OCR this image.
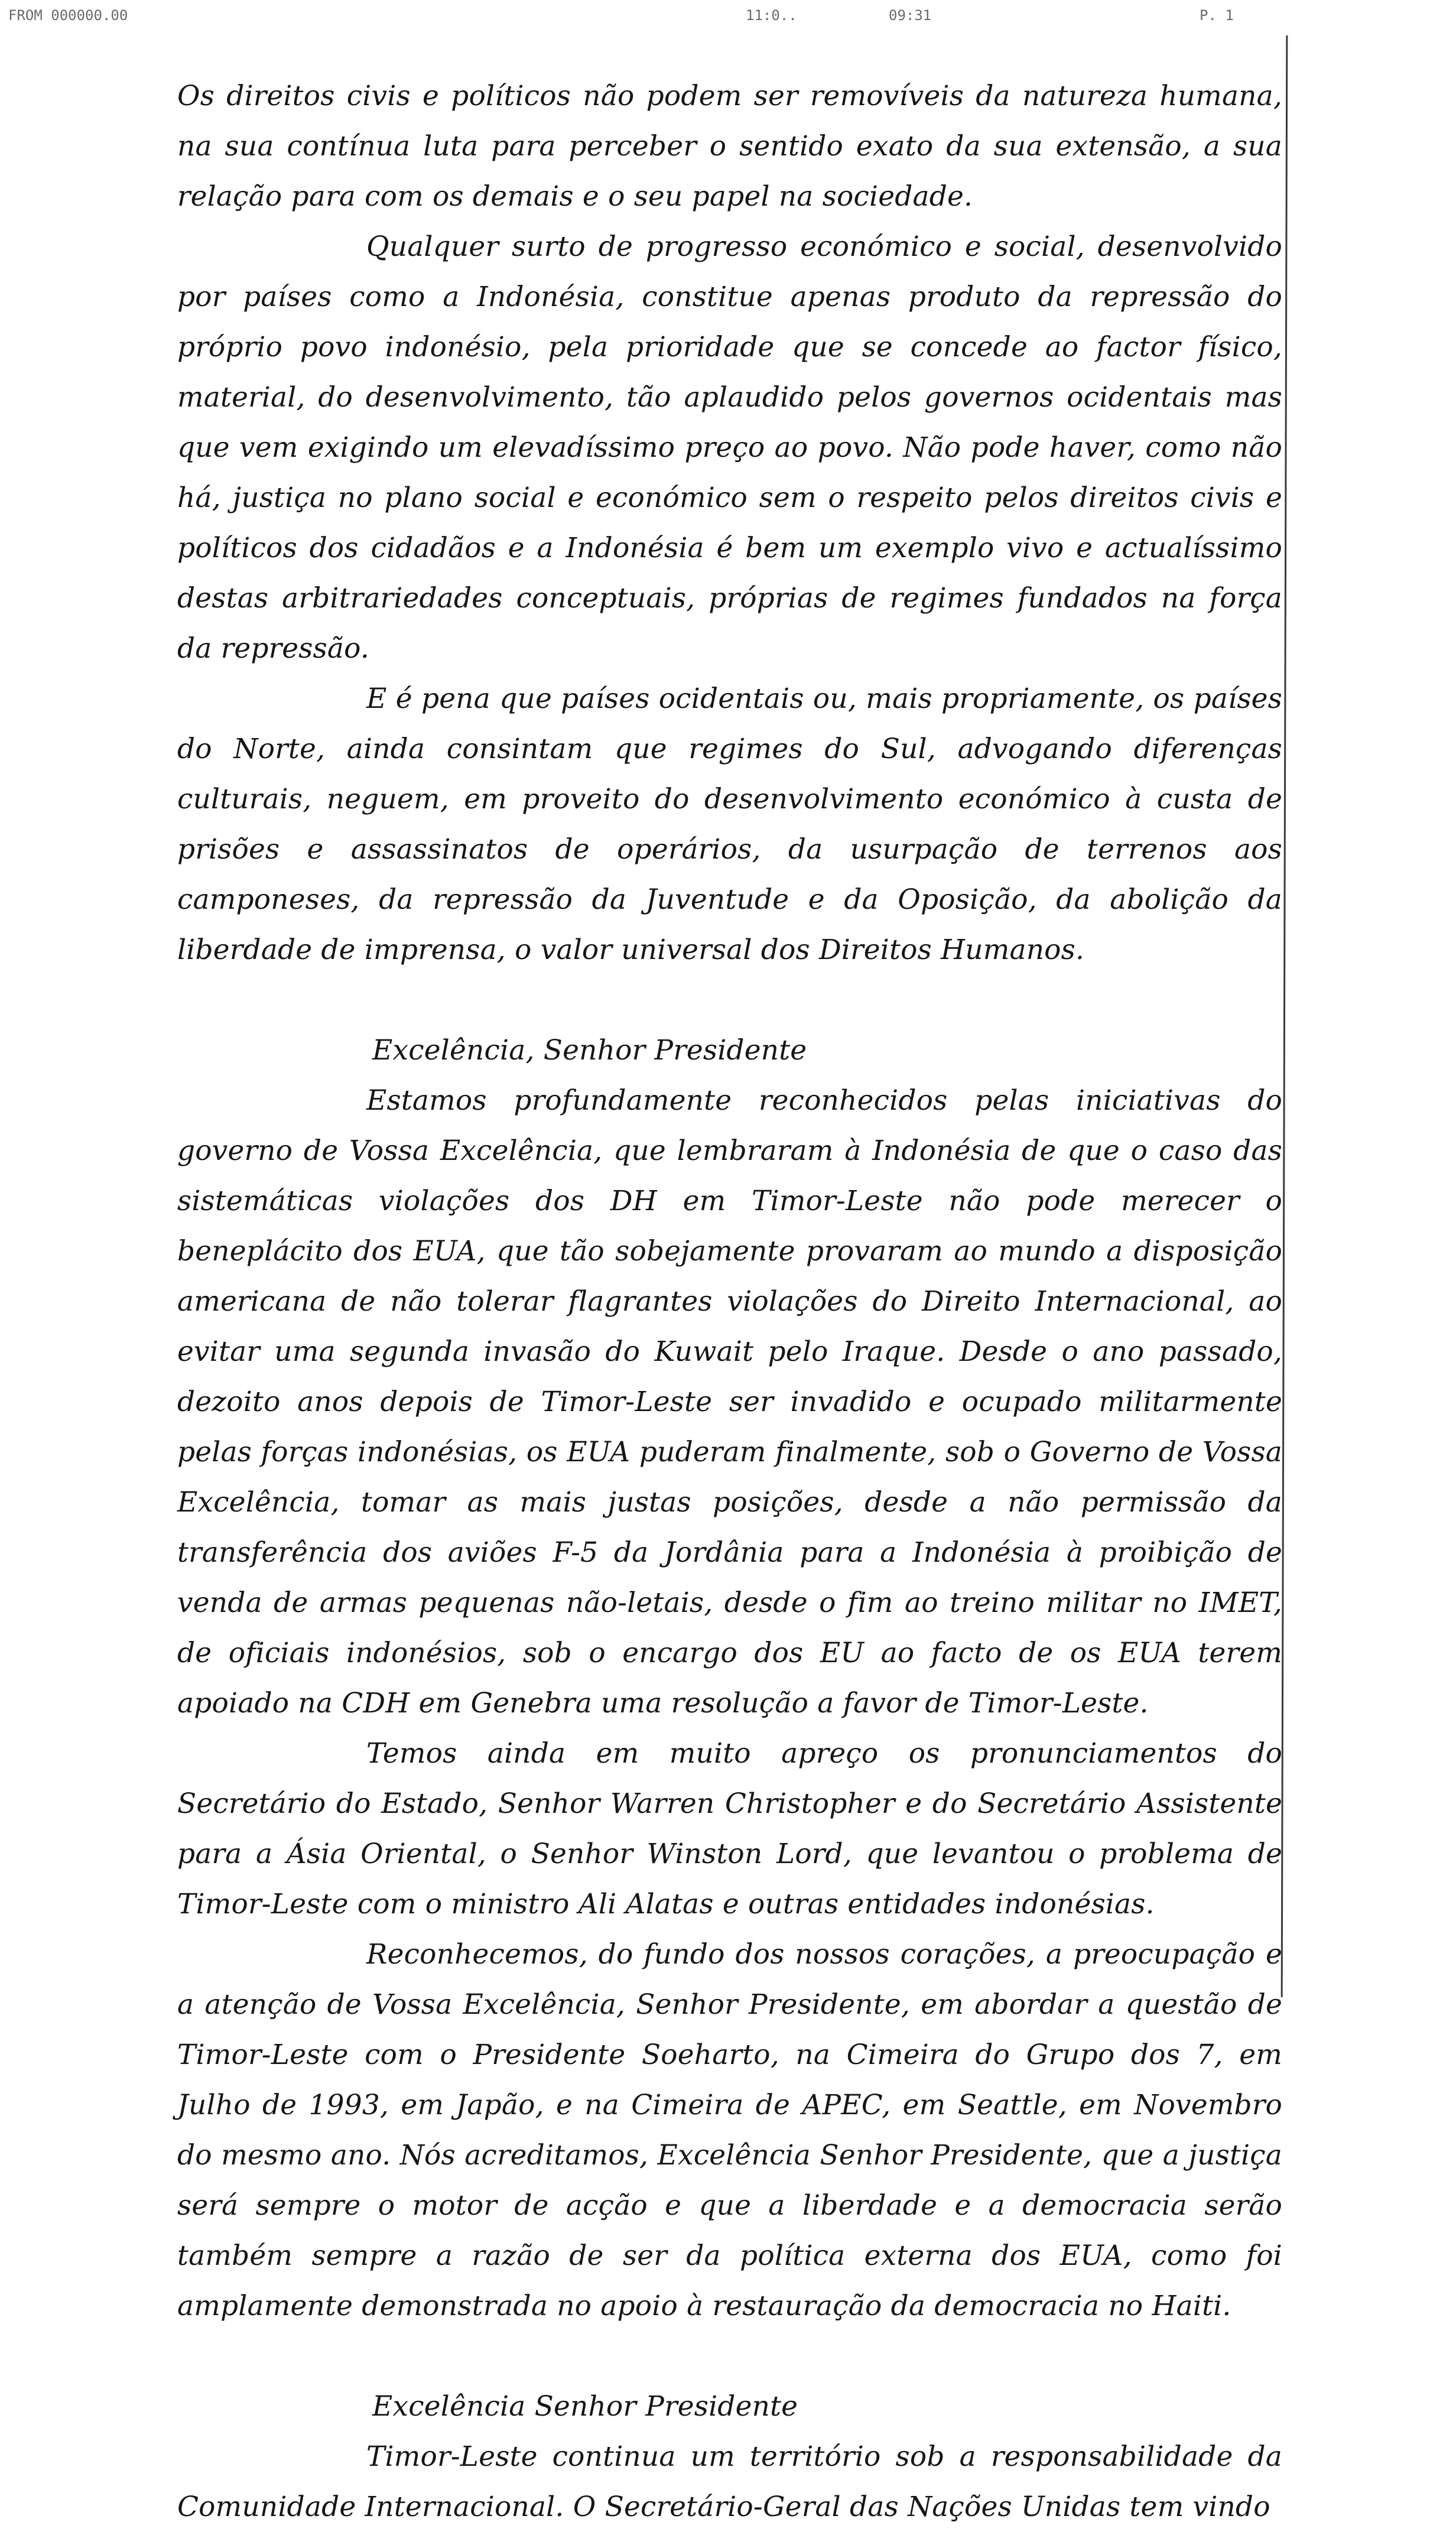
FROM 000000.00	11:0..	09:31	P. 1

Os direitos civis e políticos não podem ser removíveis da natureza humana, na sua contínua luta para perceber o sentido exato da sua extensão, a sua relação para com os demais e o seu papel na sociedade.

Qualquer surto de progresso económico e social, desenvolvido por países como a Indonésia, constitue apenas produto da repressão do próprio povo indonésio, pela prioridade que se concede ao factor físico, material, do desenvolvimento, tão aplaudido pelos governos ocidentais mas que vem exigindo um elevadíssimo preço ao povo. Não pode haver, como não há, justiça no plano social e económico sem o respeito pelos direitos civis e políticos dos cidadãos e a Indonésia é bem um exemplo vivo e actualíssimo destas arbitrariedades conceptuais, próprias de regimes fundados na força da repressão.

E é pena que países ocidentais ou, mais propriamente, os países do Norte, ainda consintam que regimes do Sul, advogando diferenças culturais, neguem, em proveito do desenvolvimento económico à custa de prisões e assassinatos de operários, da usurpação de terrenos aos camponeses, da repressão da Juventude e da Oposição, da abolição da liberdade de imprensa, o valor universal dos Direitos Humanos.

Excelência, Senhor Presidente

Estamos profundamente reconhecidos pelas iniciativas do governo de Vossa Excelência, que lembraram à Indonésia de que o caso das sistemáticas violações dos DH em Timor-Leste não pode merecer o beneplácito dos EUA, que tão sobejamente provaram ao mundo a disposição americana de não tolerar flagrantes violações do Direito Internacional, ao evitar uma segunda invasão do Kuwait pelo Iraque. Desde o ano passado, dezoito anos depois de Timor-Leste ser invadido e ocupado militarmente pelas forças indonésias, os EUA puderam finalmente, sob o Governo de Vossa Excelência, tomar as mais justas posições, desde a não permissão da transferência dos aviões F-5 da Jordânia para a Indonésia à proibição de venda de armas pequenas não-letais, desde o fim ao treino militar no IMET, de oficiais indonésios, sob o encargo dos EU ao facto de os EUA terem apoiado na CDH em Genebra uma resolução a favor de Timor-Leste.

Temos ainda em muito apreço os pronunciamentos do Secretário do Estado, Senhor Warren Christopher e do Secretário Assistente para a Ásia Oriental, o Senhor Winston Lord, que levantou o problema de Timor-Leste com o ministro Ali Alatas e outras entidades indonésias.

Reconhecemos, do fundo dos nossos corações, a preocupação e a atenção de Vossa Excelência, Senhor Presidente, em abordar a questão de Timor-Leste com o Presidente Soeharto, na Cimeira do Grupo dos 7, em Julho de 1993, em Japão, e na Cimeira de APEC, em Seattle, em Novembro do mesmo ano. Nós acreditamos, Excelência Senhor Presidente, que a justiça será sempre o motor de acção e que a liberdade e a democracia serão também sempre a razão de ser da política externa dos EUA, como foi amplamente demonstrada no apoio à restauração da democracia no Haiti.

Excelência Senhor Presidente

Timor-Leste continua um território sob a responsabilidade da Comunidade Internacional. O Secretário-Geral das Nações Unidas tem vindo
